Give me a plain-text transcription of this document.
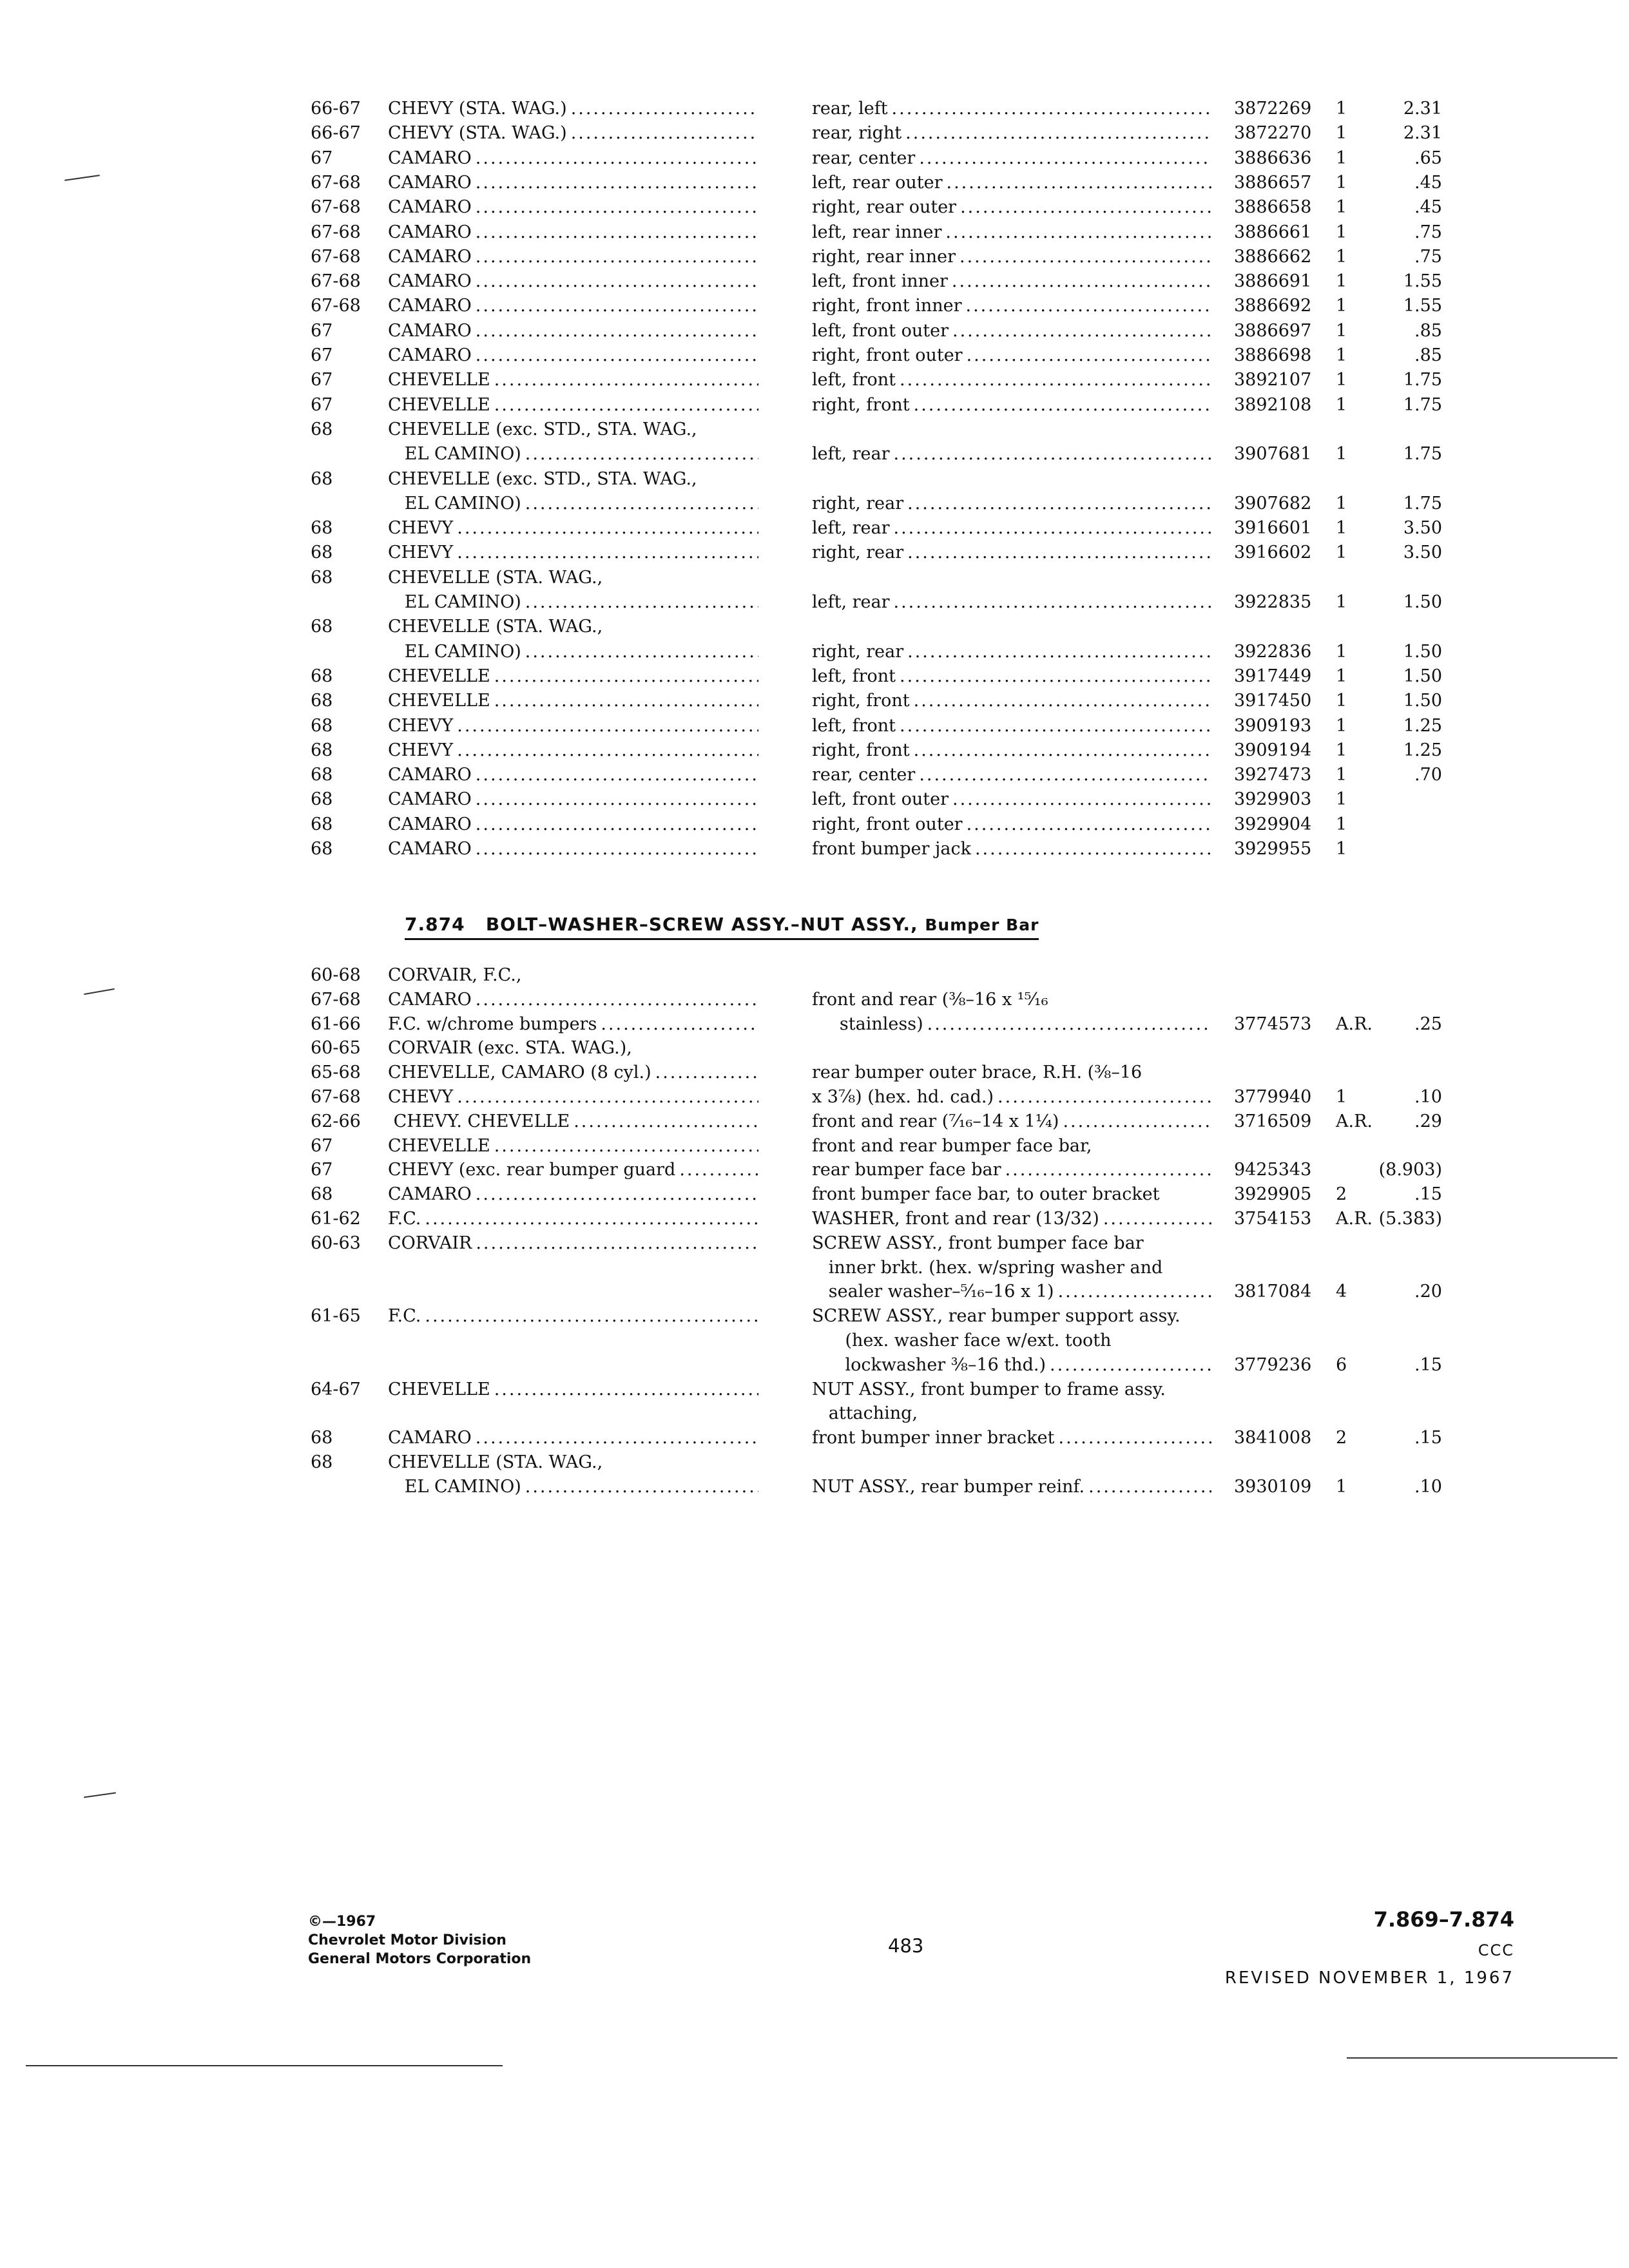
66-67 CHEVY (STA. WAG.) .....	rear, left .....	3872269 1	2.31
66-67 CHEVY (STA. WAG.) .....	rear, right .....	3872270 1	2.31
67	CAMARO .....	rear, center .....	3886636 1	.65
67-68 CAMARO .....	left, rear outer .....	3886657 1	.45
67-68 CAMARO .....	right, rear outer .....	3886658 1	.45
67-68 CAMARO .....	left, rear inner .....	3886661 1	.75
67-68 CAMARO .....	right, rear inner .....	3886662 1	.75
67-68 CAMARO .....	left, front inner .....	3886691 1	1.55
67-68 CAMARO .....	right, front inner .....	3886692 1	1.55
67	CAMARO .....	left, front outer .....	3886697 1	.85
67	CAMARO .....	right, front outer .....	3886698 1	.85
67	CHEVELLE .....	left, front .....	3892107 1	1.75
67	CHEVELLE .....	right, front .....	3892108 1	1.75
68	CHEVELLE (exc. STD., STA. WAG.,
EL CAMINO) .....	left, rear .....	3907681 1	1.75
68	CHEVELLE (exc. STD., STA. WAG.,
EL CAMINO) .....	right, rear .....	3907682 1	1.75
68	CHEVY .....	left, rear .....	3916601 1	3.50
68	CHEVY .....	right, rear .....	3916602 1	3.50
68	CHEVELLE (STA. WAG.,
EL CAMINO) .....	left, rear .....	3922835 1	1.50
68	CHEVELLE (STA. WAG.,
EL CAMINO) .....	right, rear .....	3922836 1	1.50
68	CHEVELLE .....	left, front .....	3917449 1	1.50
68	CHEVELLE .....	right, front .....	3917450 1	1.50
68	CHEVY .....	left, front .....	3909193 1	1.25
68	CHEVY .....	right, front .....	3909194 1	1.25
68	CAMARO .....	rear, center .....	3927473 1	.70
68	CAMARO .....	left, front outer .....	3929903 1
68	CAMARO .....	right, front outer .....	3929904 1
68	CAMARO .....	front bumper jack .....	3929955 1
7.874 BOLT–WASHER–SCREW ASSY.–NUT ASSY., Bumper Bar
60-68 CORVAIR, F.C.,
67-68 CAMARO .....	front and rear (⅜–16 x ¹⁵⁄₁₆
61-66 F.C. w/chrome bumpers .....	stainless) .....	3774573 A.R.	.25
60-65 CORVAIR (exc. STA. WAG.),
65-68 CHEVELLE, CAMARO (8 cyl.) .....	rear bumper outer brace, R.H. (⅜–16
67-68 CHEVY .....	x 3⅞) (hex. hd. cad.) .....	3779940 1	.10
62-66 CHEVY. CHEVELLE .....	front and rear (⁷⁄₁₆–14 x 1¼) .....	3716509 A.R.	.29
67	CHEVELLE .....	front and rear bumper face bar,
67	CHEVY (exc. rear bumper guard .....	rear bumper face bar .....	9425343	(8.903)
68	CAMARO .....	front bumper face bar, to outer bracket	3929905 2	.15
61-62 F.C. .....	WASHER, front and rear (13/32) .....	3754153 A.R. (5.383)
60-63 CORVAIR .....	SCREW ASSY., front bumper face bar
inner brkt. (hex. w/spring washer and
sealer washer–⁵⁄₁₆–16 x 1) .....	3817084 4	.20
61-65 F.C. .....	SCREW ASSY., rear bumper support assy.
(hex. washer face w/ext. tooth
lockwasher ⅜–16 thd.) .....	3779236 6	.15
64-67 CHEVELLE .....	NUT ASSY., front bumper to frame assy.
attaching,
68	CAMARO .....	front bumper inner bracket .....	3841008 2	.15
68	CHEVELLE (STA. WAG.,
EL CAMINO) .....	NUT ASSY., rear bumper reinf. .....	3930109 1	.10
©—1967
Chevrolet Motor Division
General Motors Corporation
483
7.869–7.874
CCC
REVISED NOVEMBER 1, 1967
